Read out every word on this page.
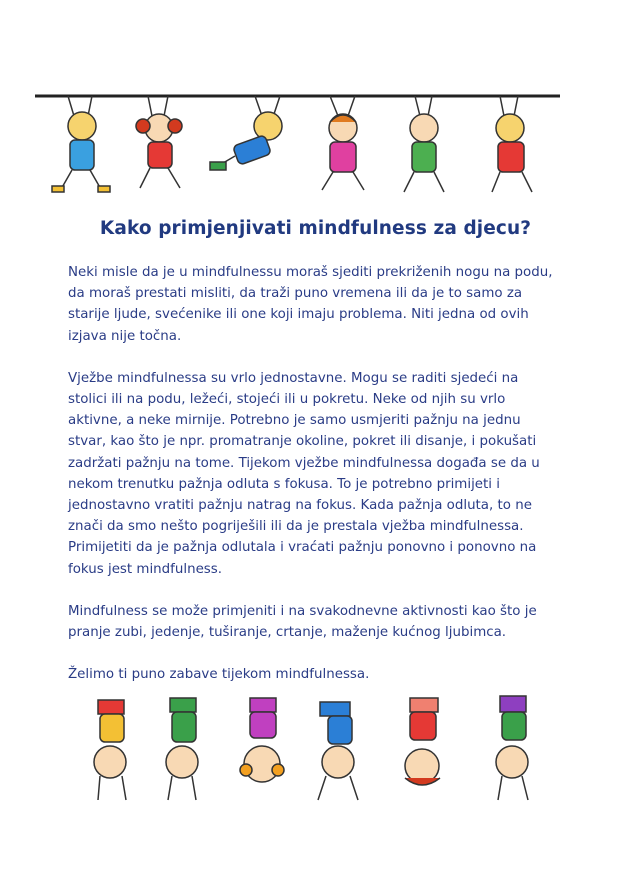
Kako primjenjivati mindfulness za djecu?

Neki misle da je u mindfulnessu moraš sjediti prekriženih nogu na podu,
da moraš prestati misliti, da traži puno vremena ili da je to samo za
starije ljude, svećenike ili one koji imaju problema. Niti jedna od ovih
izjava nije točna.

Vježbe mindfulnessa su vrlo jednostavne. Mogu se raditi sjedeći na
stolici ili na podu, ležeći, stojeći ili u pokretu. Neke od njih su vrlo
aktivne, a neke mirnije. Potrebno je samo usmjeriti pažnju na jednu
stvar, kao što je npr. promatranje okoline, pokret ili disanje, i pokušati
zadržati pažnju na tome. Tijekom vježbe mindfulnessa događa se da u
nekom trenutku pažnja odluta s fokusa. To je potrebno primijeti i
jednostavno vratiti pažnju natrag na fokus. Kada pažnja odluta, to ne
znači da smo nešto pogriješili ili da je prestala vježba mindfulnessa.
Primijetiti da je pažnja odlutala i vraćati pažnju ponovno i ponovno na
fokus jest mindfulness.

Mindfulness se može primjeniti i na svakodnevne aktivnosti kao što je
pranje zubi, jedenje, tuširanje, crtanje, maženje kućnog ljubimca.

Želimo ti puno zabave tijekom mindfulnessa.
